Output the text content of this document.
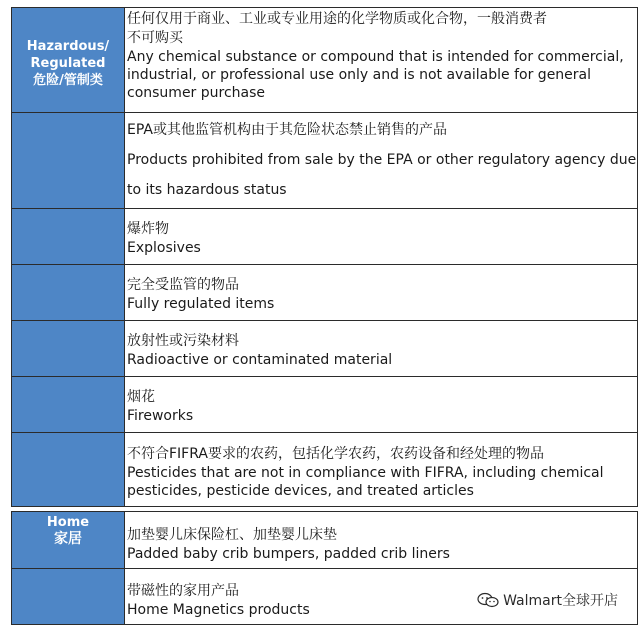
Hazardous/
Regulated
危险/管制类	任何仅用于商业、工业或专业用途的化学物质或化合物，一般消费者
不可购买
Any chemical substance or compound that is intended for commercial, industrial, or professional use only and is not available for general consumer purchase

	EPA或其他监管机构由于其危险状态禁止销售的产品
Products prohibited from sale by the EPA or other regulatory agency due
to its hazardous status

	爆炸物
Explosives

	完全受监管的物品
Fully regulated items

	放射性或污染材料
Radioactive or contaminated material

	烟花
Fireworks

	不符合FIFRA要求的农药，包括化学农药，农药设备和经处理的物品
Pesticides that are not in compliance with FIFRA, including chemical pesticides, pesticide devices, and treated articles
Home
家居	加垫婴儿床保险杠、加垫婴儿床垫
Padded baby crib bumpers, padded crib liners

	带磁性的家用产品
Home Magnetics products
Walmart全球开店
